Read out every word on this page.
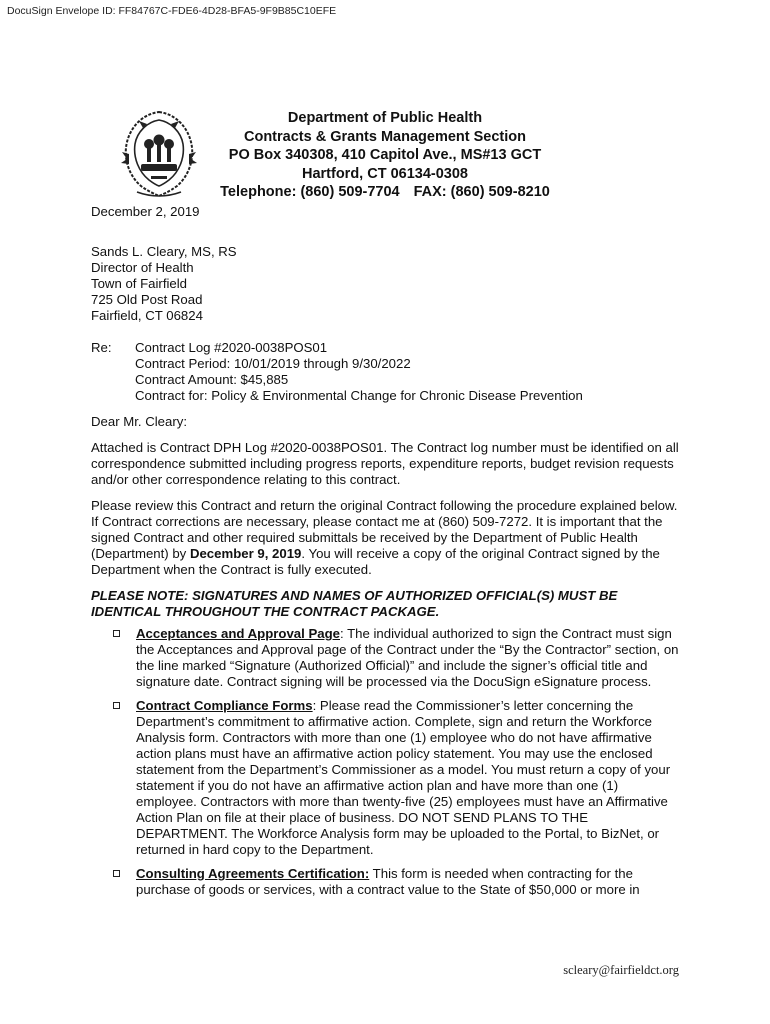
DocuSign Envelope ID: FF84767C-FDE6-4D28-BFA5-9F9B85C10EFE
Department of Public Health
Contracts & Grants Management Section
PO Box 340308, 410 Capitol Ave., MS#13 GCT
Hartford, CT 06134-0308
Telephone: (860) 509-7704 FAX: (860) 509-8210
December 2, 2019
Sands L. Cleary, MS, RS
Director of Health
Town of Fairfield
725 Old Post Road
Fairfield, CT 06824
Re:	Contract Log #2020-0038POS01
Contract Period: 10/01/2019 through 9/30/2022
Contract Amount: $45,885
Contract for: Policy & Environmental Change for Chronic Disease Prevention
Dear Mr. Cleary:
Attached is Contract DPH Log #2020-0038POS01. The Contract log number must be identified on all correspondence submitted including progress reports, expenditure reports, budget revision requests and/or other correspondence relating to this contract.
Please review this Contract and return the original Contract following the procedure explained below. If Contract corrections are necessary, please contact me at (860) 509-7272. It is important that the signed Contract and other required submittals be received by the Department of Public Health (Department) by December 9, 2019. You will receive a copy of the original Contract signed by the Department when the Contract is fully executed.
PLEASE NOTE: SIGNATURES AND NAMES OF AUTHORIZED OFFICIAL(S) MUST BE IDENTICAL THROUGHOUT THE CONTRACT PACKAGE.
Acceptances and Approval Page: The individual authorized to sign the Contract must sign the Acceptances and Approval page of the Contract under the “By the Contractor” section, on the line marked “Signature (Authorized Official)” and include the signer’s official title and signature date. Contract signing will be processed via the DocuSign eSignature process.
Contract Compliance Forms: Please read the Commissioner’s letter concerning the Department’s commitment to affirmative action. Complete, sign and return the Workforce Analysis form. Contractors with more than one (1) employee who do not have affirmative action plans must have an affirmative action policy statement. You may use the enclosed statement from the Department’s Commissioner as a model. You must return a copy of your statement if you do not have an affirmative action plan and have more than one (1) employee. Contractors with more than twenty-five (25) employees must have an Affirmative Action Plan on file at their place of business. DO NOT SEND PLANS TO THE DEPARTMENT. The Workforce Analysis form may be uploaded to the Portal, to BizNet, or returned in hard copy to the Department.
Consulting Agreements Certification: This form is needed when contracting for the purchase of goods or services, with a contract value to the State of $50,000 or more in
scleary@fairfieldct.org
